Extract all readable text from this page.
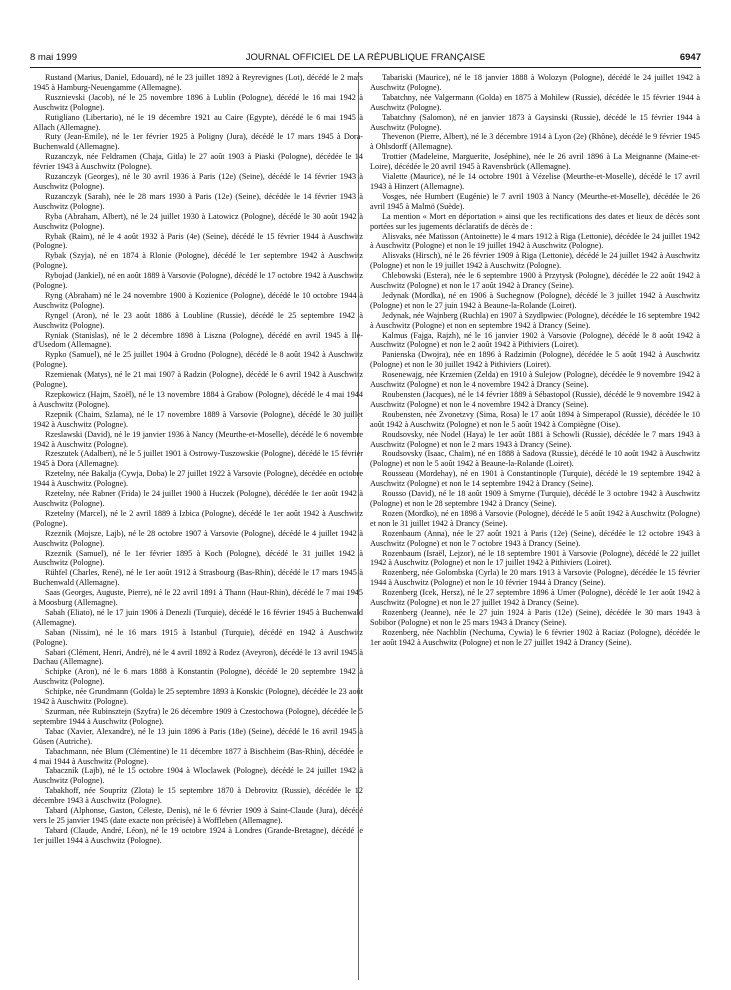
8 mai 1999	JOURNAL OFFICIEL DE LA RÉPUBLIQUE FRANÇAISE	6947

Rustand (Marius, Daniel, Edouard), né le 23 juillet 1892 à Reyrevignes (Lot), décédé le 2 mars 1945 à Hamburg-Neuengamme (Allemagne).

Rusznievski (Jacob), né le 25 novembre 1896 à Lublin (Pologne), décédé le 16 mai 1942 à Auschwitz (Pologne).

Rutigliano (Libertario), né le 19 décembre 1921 au Caire (Egypte), décédé le 6 mai 1945 à Allach (Allemagne).

Ruty (Jean-Emile), né le 1er février 1925 à Poligny (Jura), décédé le 17 mars 1945 à Dora-Buchenwald (Allemagne).

Ruzanczyk, née Feldramen (Chaja, Gitla) le 27 août 1903 à Piaski (Pologne), décédée le 14 février 1943 à Auschwitz (Pologne).

Ruzanczyk (Georges), né le 30 avril 1936 à Paris (12e) (Seine), décédé le 14 février 1943 à Auschwitz (Pologne).

Ruzanczyk (Sarah), née le 28 mars 1930 à Paris (12e) (Seine), décédée le 14 février 1943 à Auschwitz (Pologne).

Ryba (Abraham, Albert), né le 24 juillet 1930 à Latowicz (Pologne), décédé le 30 août 1942 à Auschwitz (Pologne).

Rybak (Raim), né le 4 août 1932 à Paris (4e) (Seine), décédé le 15 février 1944 à Auschwitz (Pologne).

Rybak (Szyja), né en 1874 à Rlonie (Pologne), décédé le 1er septembre 1942 à Auschwitz (Pologne).

Rybojad (Jankiel), né en août 1889 à Varsovie (Pologne), décédé le 17 octobre 1942 à Auschwitz (Pologne).

Ryng (Abraham) né le 24 novembre 1900 à Kozienice (Pologne), décédé le 10 octobre 1944 à Auschwitz (Pologne).

Ryngel (Aron), né le 23 août 1886 à Loubline (Russie), décédé le 25 septembre 1942 à Auschwitz (Pologne).

Ryniak (Stanislas), né le 2 décembre 1898 à Liszna (Pologne), décédé en avril 1945 à Ile-d'Usedom (Allemagne).

Rypko (Samuel), né le 25 juillet 1904 à Grodno (Pologne), décédé le 8 août 1942 à Auschwitz (Pologne).

Rzemienak (Matys), né le 21 mai 1907 à Radzin (Pologne), décédé le 6 avril 1942 à Auschwitz (Pologne).

Rzepkowicz (Hajm, Szoël), né le 13 novembre 1884 à Grabow (Pologne), décédé le 4 mai 1944 à Auschwitz (Pologne).

Rzepnik (Chaim, Szlama), né le 17 novembre 1889 à Varsovie (Pologne), décédé le 30 juillet 1942 à Auschwitz (Pologne).

Rzeslawski (David), né le 19 janvier 1936 à Nancy (Meurthe-et-Moselle), décédé le 6 novembre 1942 à Auschwitz (Pologne).

Rzeszutek (Adalbert), né le 5 juillet 1901 à Ostrowy-Tuszowskie (Pologne), décédé le 15 février 1945 à Dora (Allemagne).

Rzetelny, née Bakalja (Cywja, Doba) le 27 juillet 1922 à Varsovie (Pologne), décédée en octobre 1944 à Auschwitz (Pologne).

Rzetelny, née Rabner (Frida) le 24 juillet 1900 à Huczek (Pologne), décédée le 1er août 1942 à Auschwitz (Pologne).

Rzetelny (Marcel), né le 2 avril 1889 à Izbica (Pologne), décédé le 1er août 1942 à Auschwitz (Pologne).

Rzeznik (Mojsze, Lajb), né le 28 octobre 1907 à Varsovie (Pologne), décédé le 4 juillet 1942 à Auschwitz (Pologne).

Rzeznik (Samuel), né le 1er février 1895 à Koch (Pologne), décédé le 31 juillet 1942 à Auschwitz (Pologne).

Rühfel (Charles, René), né le 1er août 1912 à Strasbourg (Bas-Rhin), décédé le 17 mars 1945 à Buchenwald (Allemagne).

Saas (Georges, Auguste, Pierre), né le 22 avril 1891 à Thann (Haut-Rhin), décédé le 7 mai 1945 à Moosburg (Allemagne).

Sabah (Eliato), né le 17 juin 1906 à Denezli (Turquie), décédé le 16 février 1945 à Buchenwald (Allemagne).

Saban (Nissim), né le 16 mars 1915 à Istanbul (Turquie), décédé en 1942 à Auschwitz (Pologne).

Sabari (Clément, Henri, André), né le 4 avril 1892 à Rodez (Aveyron), décédé le 13 avril 1945 à Dachau (Allemagne).

Schipke (Aron), né le 6 mars 1888 à Konstantin (Pologne), décédé le 20 septembre 1942 à Auschwitz (Pologne).

Schipke, née Grundmann (Golda) le 25 septembre 1893 à Konskic (Pologne), décédée le 23 août 1942 à Auschwitz (Pologne).

Szurman, née Rubinsztejn (Szyfra) le 26 décembre 1909 à Czestochowa (Pologne), décédée le 5 septembre 1944 à Auschwitz (Pologne).

Tabac (Xavier, Alexandre), né le 13 juin 1896 à Paris (18e) (Seine), décédé le 16 avril 1945 à Güsen (Autriche).

Tabachmann, née Blum (Clémentine) le 11 décembre 1877 à Bischheim (Bas-Rhin), décédée le 4 mai 1944 à Auschwitz (Pologne).

Tabaczník (Lajb), né le 15 octobre 1904 à Wloclawek (Pologne), décédé le 24 juillet 1942 à Auschwitz (Pologne).

Tabakhoff, née Souprítz (Zlota) le 15 septembre 1870 à Debrovitz (Russie), décédée le 12 décembre 1943 à Auschwitz (Pologne).

Tabard (Alphonse, Gaston, Céleste, Denis), né le 6 février 1909 à Saint-Claude (Jura), décédé vers le 25 janvier 1945 (date exacte non précisée) à Woffleben (Allemagne).

Tabard (Claude, André, Léon), né le 19 octobre 1924 à Londres (Grande-Bretagne), décédé le 1er juillet 1944 à Auschwitz (Pologne).

Tabariski (Maurice), né le 18 janvier 1888 à Wolozyn (Pologne), décédé le 24 juillet 1942 à Auschwitz (Pologne).

Tabatchny, née Valgermann (Golda) en 1875 à Mohilew (Russie), décédée le 15 février 1944 à Auschwitz (Pologne).

Tabatchny (Salomon), né en janvier 1873 à Gaysinski (Russie), décédé le 15 février 1944 à Auschwitz (Pologne).

Thevenon (Pierre, Albert), né le 3 décembre 1914 à Lyon (2e) (Rhône), décédé le 9 février 1945 à Ohlsdorff (Allemagne).

Trottier (Madeleine, Marguerite, Joséphine), née le 26 avril 1896 à La Meignanne (Maine-et-Loire), décédée le 20 avril 1945 à Ravensbrück (Allemagne).

Vialette (Maurice), né le 14 octobre 1901 à Vézelise (Meurthe-et-Moselle), décédé le 17 avril 1943 à Hinzert (Allemagne).

Vosges, née Humbert (Eugénie) le 7 avril 1903 à Nancy (Meurthe-et-Moselle), décédée le 26 avril 1945 à Malmö (Suède).

La mention « Mort en déportation » ainsi que les rectifications des dates et lieux de décès sont portées sur les jugements déclaratifs de décès de :

Alisvaks, née Matisson (Antoinette) le 4 mars 1912 à Riga (Lettonie), décédée le 24 juillet 1942 à Auschwitz (Pologne) et non le 19 juillet 1942 à Auschwitz (Pologne).

Alisvaks (Hirsch), né le 26 février 1909 à Riga (Lettonie), décédé le 24 juillet 1942 à Auschwitz (Pologne) et non le 19 juillet 1942 à Auschwitz (Pologne).

Chlebowski (Estera), née le 6 septembre 1900 à Przytysk (Pologne), décédée le 22 août 1942 à Auschwitz (Pologne) et non le 17 août 1942 à Drancy (Seine).

Jedynak (Mordka), né en 1906 à Suchegnow (Pologne), décédé le 3 juillet 1942 à Auschwitz (Pologne) et non le 27 juin 1942 à Beaune-la-Rolande (Loiret).

Jedynak, née Wajnberg (Ruchla) en 1907 à Szydlpwiec (Pologne), décédée le 16 septembre 1942 à Auschwitz (Pologne) et non en septembre 1942 à Drancy (Seine).

Kalmus (Fajga, Rajzh), né le 16 janvier 1902 à Varsovie (Pologne), décédé le 8 août 1942 à Auschwitz (Pologne) et non le 2 août 1942 à Pithiviers (Loiret).

Panienska (Dwojra), née en 1896 à Radzimin (Pologne), décédée le 5 août 1942 à Auschwitz (Pologne) et non le 30 juillet 1942 à Pithiviers (Loiret).

Rosenewajg, née Krzemien (Zelda) en 1910 à Sulejow (Pologne), décédée le 9 novembre 1942 à Auschwitz (Pologne) et non le 4 novembre 1942 à Drancy (Seine).

Roubensten (Jacques), né le 14 février 1889 à Sébastopol (Russie), décédé le 9 novembre 1942 à Auschwitz (Pologne) et non le 4 novembre 1942 à Drancy (Seine).

Roubensten, née Zvonetzvy (Sima, Rosa) le 17 août 1894 à Simperapol (Russie), décédée le 10 août 1942 à Auschwitz (Pologne) et non le 5 août 1942 à Compiègne (Oise).

Roudsovsky, née Nodel (Haya) le 1er août 1881 à Schowli (Russie), décédée le 7 mars 1943 à Auschwitz (Pologne) et non le 2 mars 1943 à Drancy (Seine).

Roudsovsky (Isaac, Chaïm), né en 1888 à Sadova (Russie), décédé le 10 août 1942 à Auschwitz (Pologne) et non le 5 août 1942 à Beaune-la-Rolande (Loiret).

Rousseau (Mordehay), né en 1901 à Constantinople (Turquie), décédé le 19 septembre 1942 à Auschwitz (Pologne) et non le 14 septembre 1942 à Drancy (Seine).

Rousso (David), né le 18 août 1909 à Smyrne (Turquie), décédé le 3 octobre 1942 à Auschwitz (Pologne) et non le 28 septembre 1942 à Drancy (Seine).

Rozen (Mordko), né en 1898 à Varsovie (Pologne), décédé le 5 août 1942 à Auschwitz (Pologne) et non le 31 juillet 1942 à Drancy (Seine).

Rozenbaum (Anna), née le 27 août 1921 à Paris (12e) (Seine), décédée le 12 octobre 1943 à Auschwitz (Pologne) et non le 7 octobre 1943 à Drancy (Seine).

Rozenbaum (Israël, Lejzor), né le 18 septembre 1901 à Varsovie (Pologne), décédé le 22 juillet 1942 à Auschwitz (Pologne) et non le 17 juillet 1942 à Pithiviers (Loiret).

Rozenberg, née Golombska (Cyrla) le 20 mars 1913 à Varsovie (Pologne), décédée le 15 février 1944 à Auschwitz (Pologne) et non le 10 février 1944 à Drancy (Seine).

Rozenberg (Icek, Hersz), né le 27 septembre 1896 à Umer (Pologne), décédé le 1er août 1942 à Auschwitz (Pologne) et non le 27 juillet 1942 à Drancy (Seine).

Rozenberg (Jeanne), née le 27 juin 1924 à Paris (12e) (Seine), décédée le 30 mars 1943 à Sobibor (Pologne) et non le 25 mars 1943 à Drancy (Seine).

Rozenberg, née Nachblin (Nechuma, Cywia) le 6 février 1902 à Raciaz (Pologne), décédée le 1er août 1942 à Auschwitz (Pologne) et non le 27 juillet 1942 à Drancy (Seine).
